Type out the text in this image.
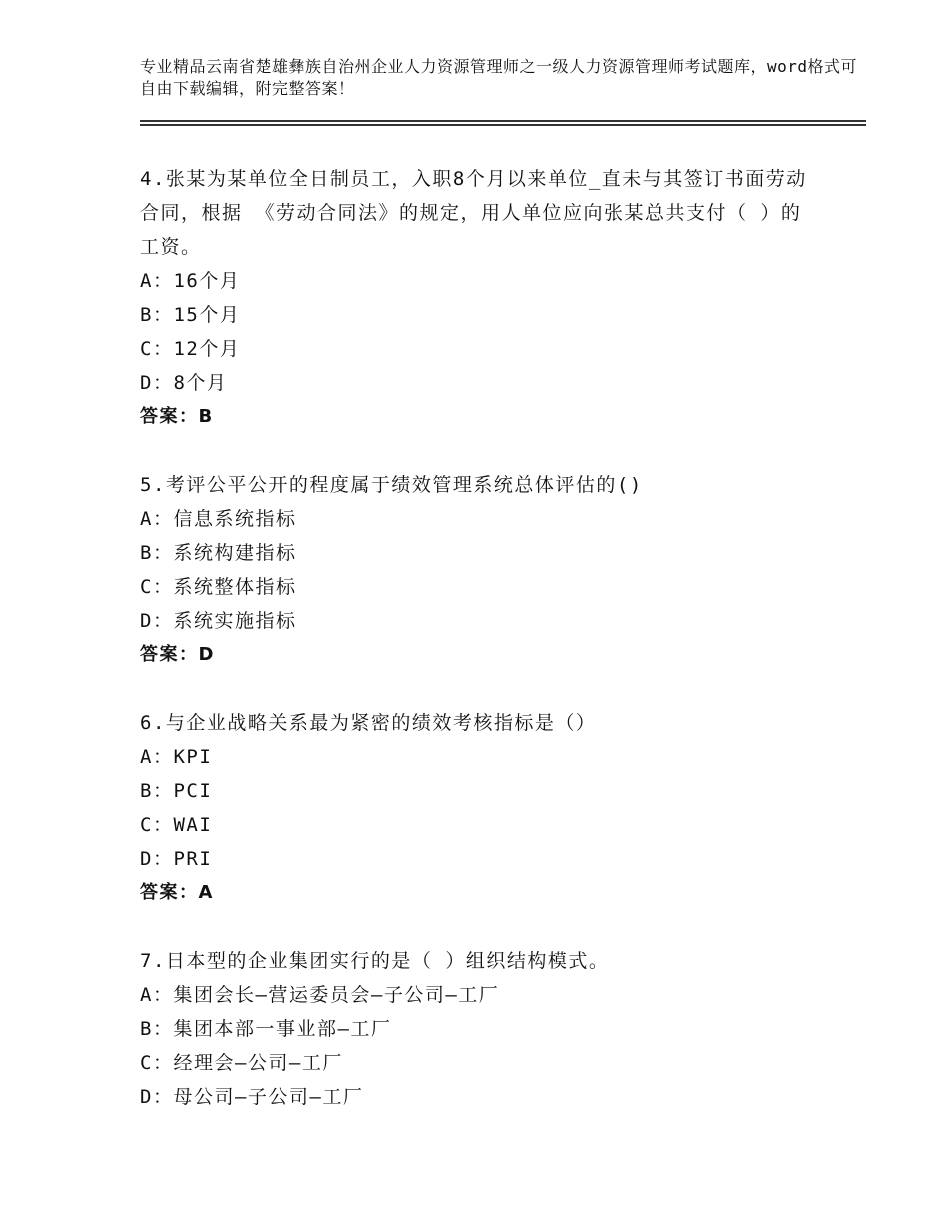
专业精品云南省楚雄彝族自治州企业人力资源管理师之一级人力资源管理师考试题库，word格式可自由下载编辑，附完整答案！
4.张某为某单位全日制员工，入职8个月以来单位_直未与其签订书面劳动合同，根据 《劳动合同法》的规定，用人单位应向张某总共支付（ ）的工资。
A：16个月
B：15个月
C：12个月
D：8个月
答案：B
5.考评公平公开的程度属于绩效管理系统总体评估的()
A：信息系统指标
B：系统构建指标
C：系统整体指标
D：系统实施指标
答案：D
6.与企业战略关系最为紧密的绩效考核指标是（）
A：KPI
B：PCI
C：WAI
D：PRI
答案：A
7.日本型的企业集团实行的是（ ）组织结构模式。
A：集团会长—营运委员会—子公司—工厂
B：集团本部一事业部—工厂
C：经理会—公司—工厂
D：母公司—子公司—工厂
